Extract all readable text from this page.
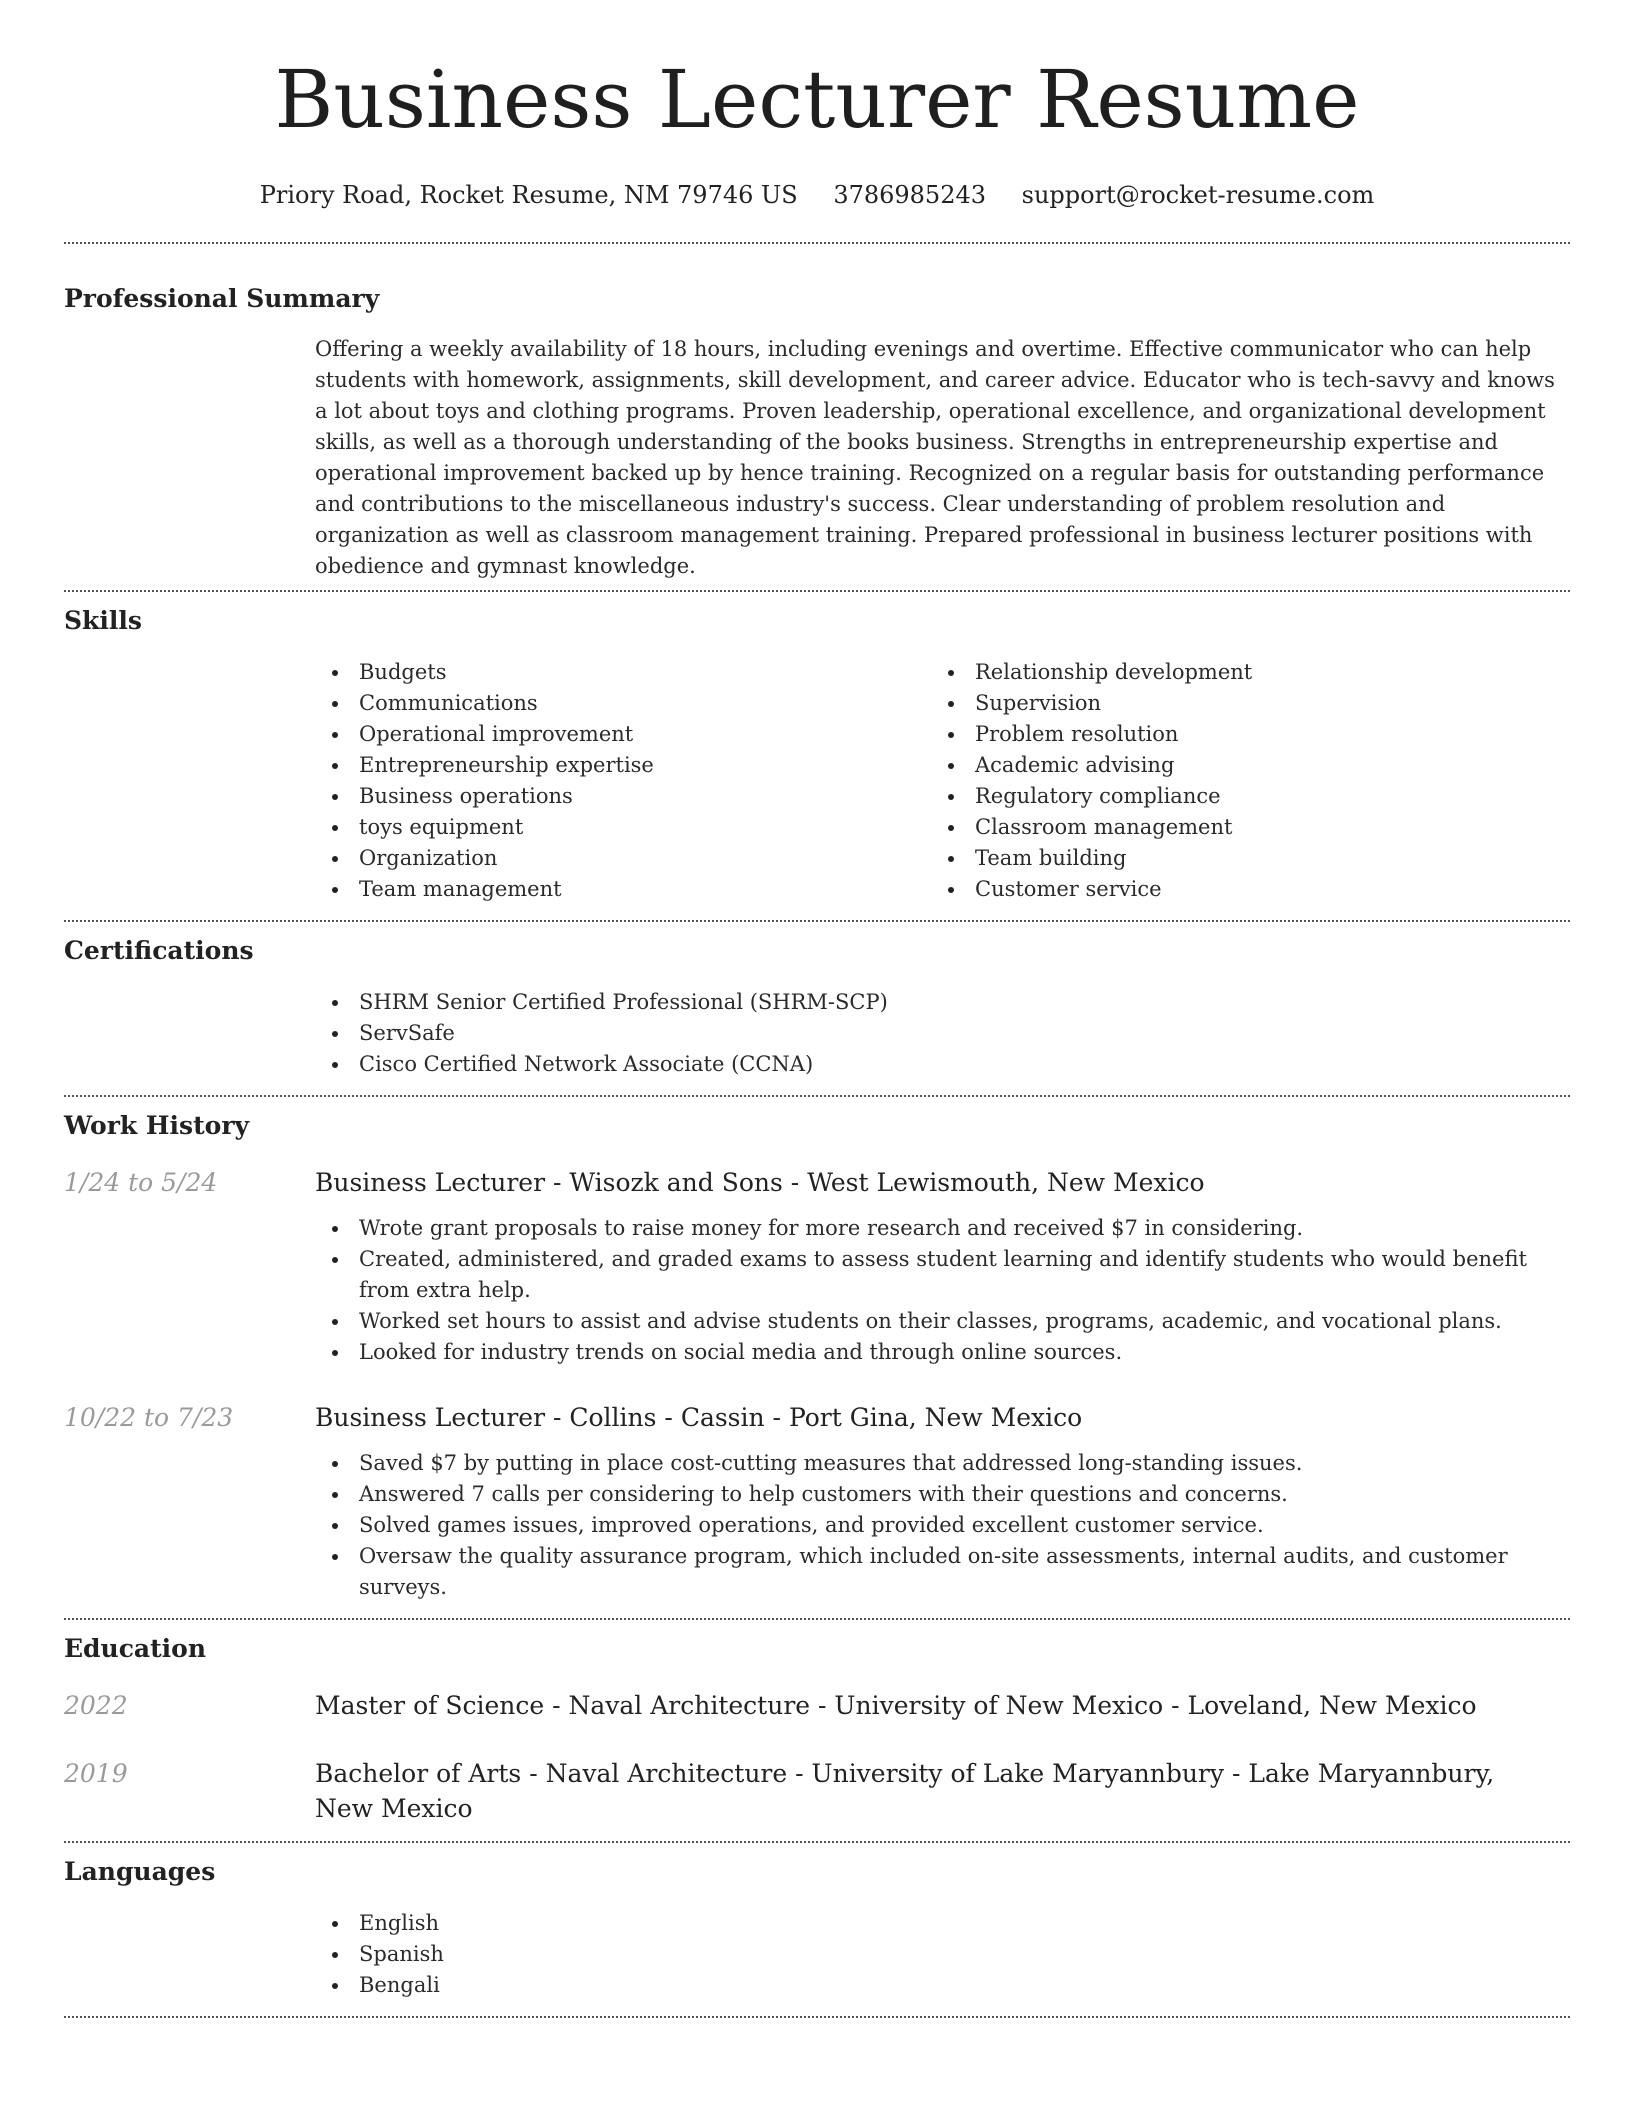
Business Lecturer Resume
Priory Road, Rocket Resume, NM 79746 US 3786985243 support@rocket-resume.com
Professional Summary
Offering a weekly availability of 18 hours, including evenings and overtime. Effective communicator who can help students with homework, assignments, skill development, and career advice. Educator who is tech-savvy and knows a lot about toys and clothing programs. Proven leadership, operational excellence, and organizational development skills, as well as a thorough understanding of the books business. Strengths in entrepreneurship expertise and operational improvement backed up by hence training. Recognized on a regular basis for outstanding performance and contributions to the miscellaneous industry's success. Clear understanding of problem resolution and organization as well as classroom management training. Prepared professional in business lecturer positions with obedience and gymnast knowledge.
Skills
Budgets
Communications
Operational improvement
Entrepreneurship expertise
Business operations
toys equipment
Organization
Team management
Relationship development
Supervision
Problem resolution
Academic advising
Regulatory compliance
Classroom management
Team building
Customer service
Certifications
SHRM Senior Certified Professional (SHRM-SCP)
ServSafe
Cisco Certified Network Associate (CCNA)
Work History
1/24 to 5/24	Business Lecturer - Wisozk and Sons - West Lewismouth, New Mexico
Wrote grant proposals to raise money for more research and received $7 in considering.
Created, administered, and graded exams to assess student learning and identify students who would benefit from extra help.
Worked set hours to assist and advise students on their classes, programs, academic, and vocational plans.
Looked for industry trends on social media and through online sources.
10/22 to 7/23	Business Lecturer - Collins - Cassin - Port Gina, New Mexico
Saved $7 by putting in place cost-cutting measures that addressed long-standing issues.
Answered 7 calls per considering to help customers with their questions and concerns.
Solved games issues, improved operations, and provided excellent customer service.
Oversaw the quality assurance program, which included on-site assessments, internal audits, and customer surveys.
Education
2022	Master of Science - Naval Architecture - University of New Mexico - Loveland, New Mexico
2019	Bachelor of Arts - Naval Architecture - University of Lake Maryannbury - Lake Maryannbury, New Mexico
Languages
English
Spanish
Bengali
